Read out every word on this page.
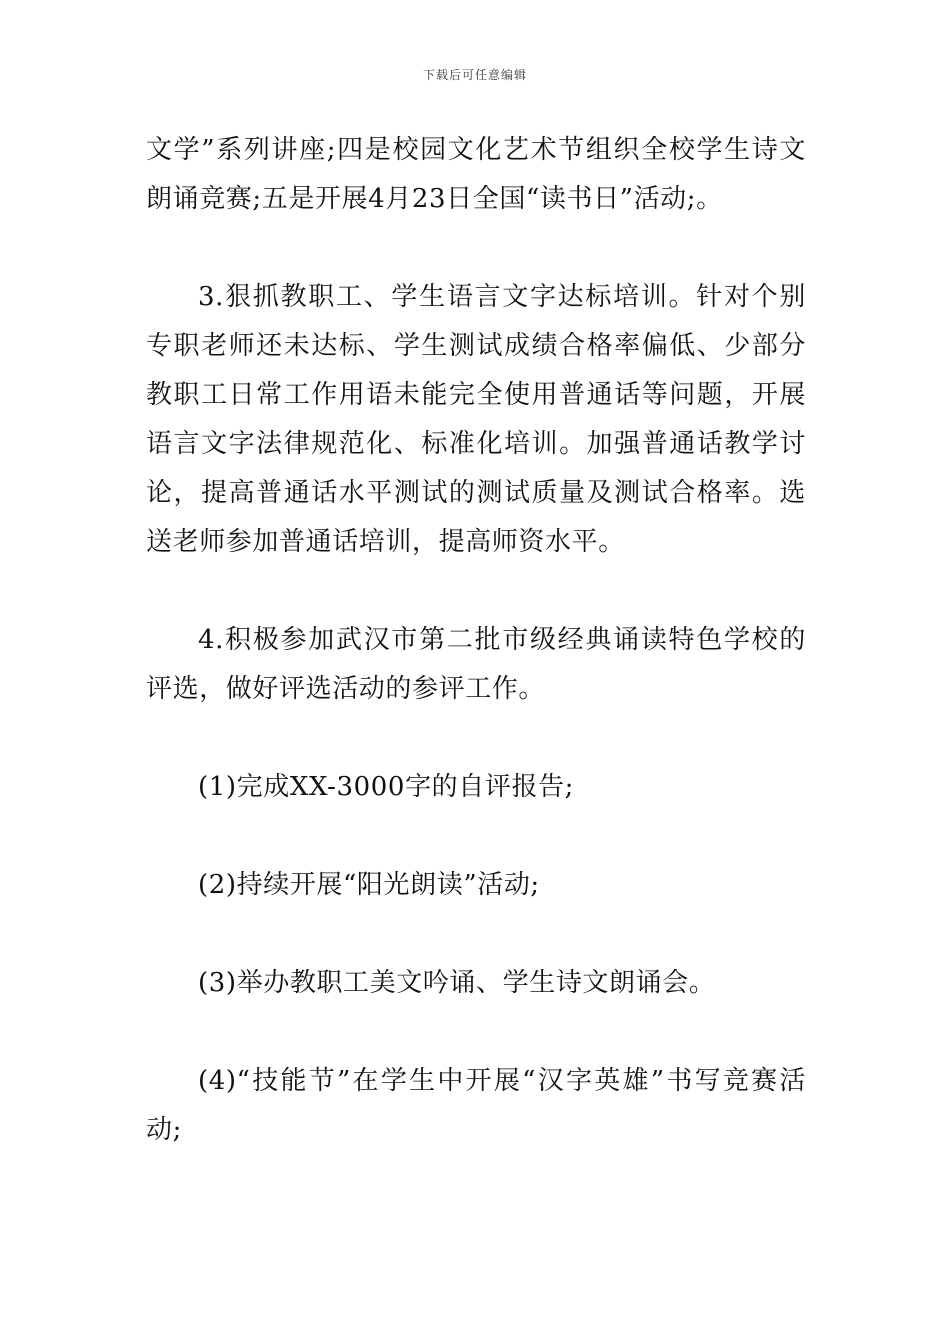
下载后可任意编辑

文学”系列讲座;四是校园文化艺术节组织全校学生诗文朗诵竞赛;五是开展4月23日全国“读书日”活动;。

3.狠抓教职工、学生语言文字达标培训。针对个别专职老师还未达标、学生测试成绩合格率偏低、少部分教职工日常工作用语未能完全使用普通话等问题，开展语言文字法律规范化、标准化培训。加强普通话教学讨论，提高普通话水平测试的测试质量及测试合格率。选送老师参加普通话培训，提高师资水平。

4.积极参加武汉市第二批市级经典诵读特色学校的评选，做好评选活动的参评工作。

(1)完成XX-3000字的自评报告;

(2)持续开展“阳光朗读”活动;

(3)举办教职工美文吟诵、学生诗文朗诵会。

(4)“技能节”在学生中开展“汉字英雄”书写竞赛活动;
